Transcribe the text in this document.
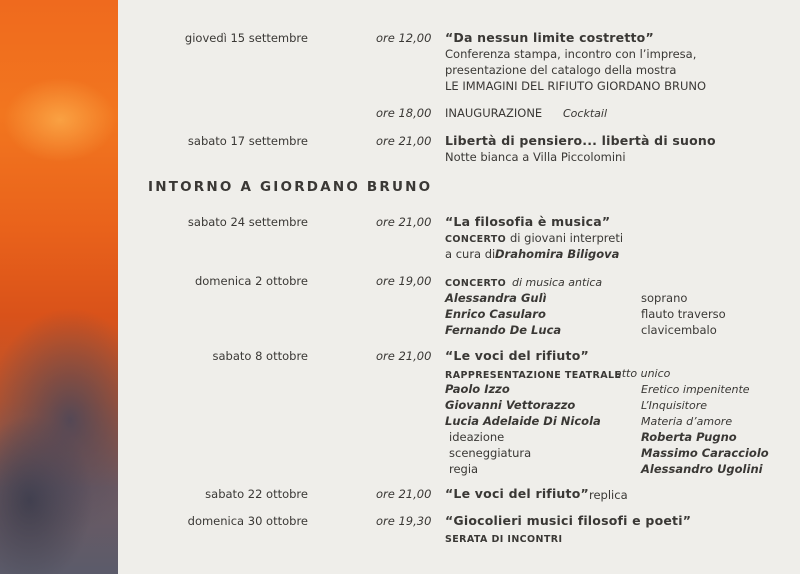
giovedì 15 settembre	ore 12,00 “Da nessun limite costretto”
Conferenza stampa, incontro con l’impresa,
presentazione del catalogo della mostra
LE IMMAGINI DEL RIFIUTO GIORDANO BRUNO
ore 18,00 INAUGURAZIONE Cocktail
sabato 17 settembre	ore 21,00 Libertà di pensiero... libertà di suono
Notte bianca a Villa Piccolomini
INTORNO A GIORDANO BRUNO
sabato 24 settembre	ore 21,00 “La filosofia è musica”
CONCERTO di giovani interpreti
a cura di Drahomira Biligova
domenica 2 ottobre	ore 19,00 CONCERTO di musica antica
Alessandra Gulì	soprano
Enrico Casularo	flauto traverso
Fernando De Luca	clavicembalo
sabato 8 ottobre	ore 21,00 “Le voci del rifiuto”
RAPPRESENTAZIONE TEATRALE
atto unico
Paolo Izzo	Eretico impenitente
Giovanni Vettorazzo	L’Inquisitore
Lucia Adelaide Di Nicola	Materia d’amore
ideazione	Roberta Pugno
sceneggiatura	Massimo Caracciolo
regia	Alessandro Ugolini
sabato 22 ottobre	ore 21,00 “Le voci del rifiuto” replica
domenica 30 ottobre	ore 19,30 “Giocolieri musici filosofi e poeti”
SERATA DI INCONTRI
